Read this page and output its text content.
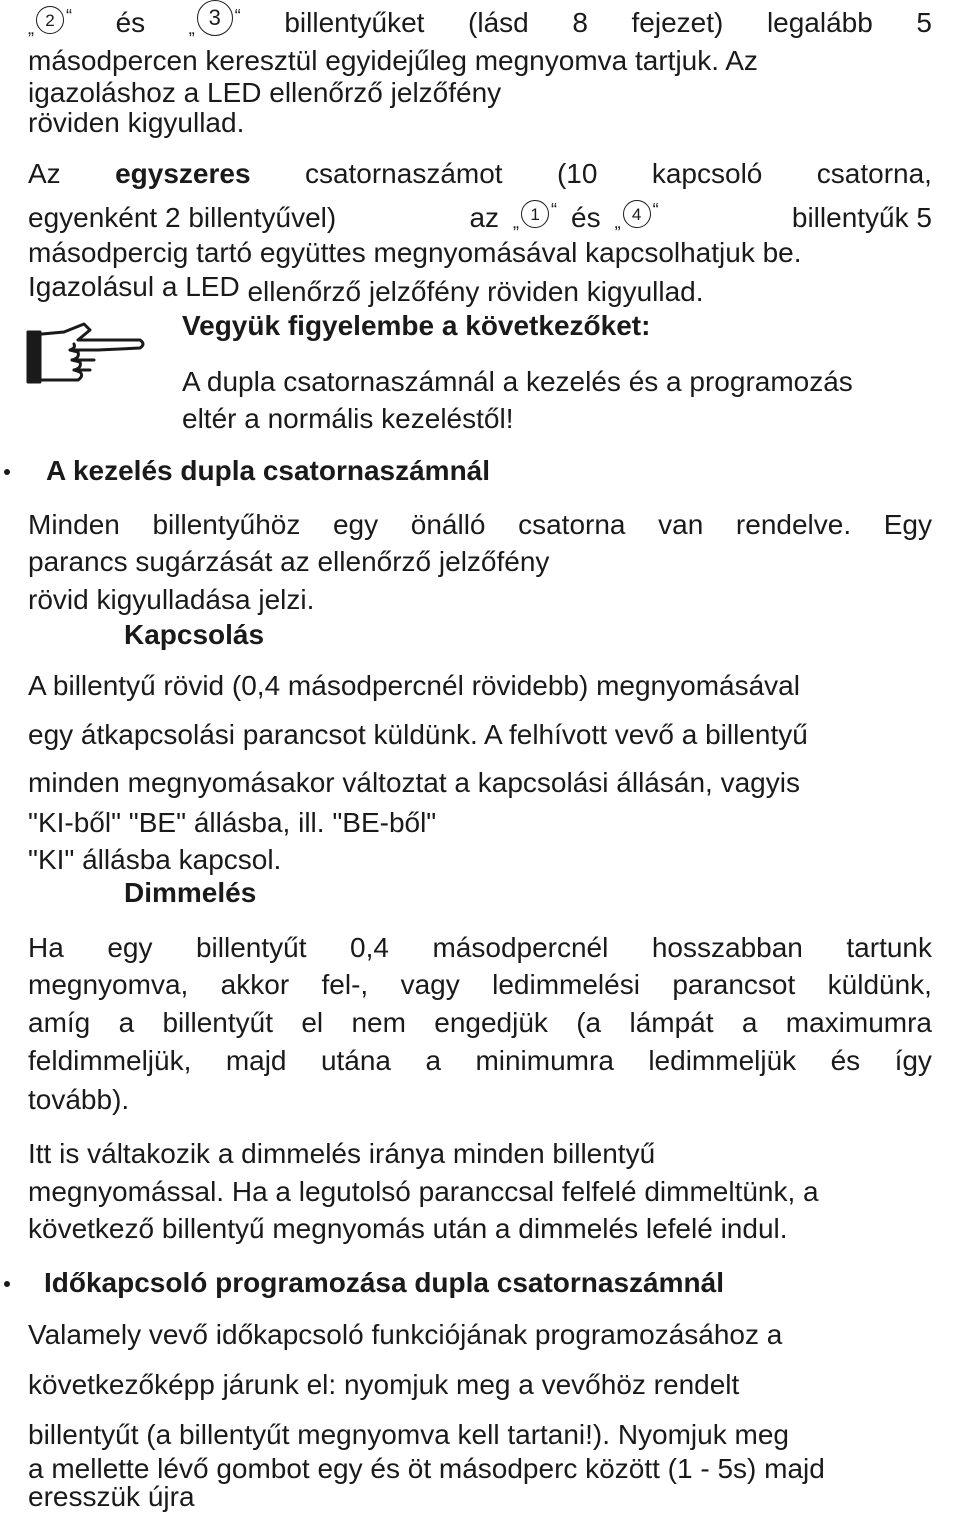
„ 2 “ és „ 3 “ billentyűket (lásd 8 fejezet) legalább 5
másodpercen keresztül egyidejűleg megnyomva tartjuk. Az
igazoláshoz a LED ellenőrző jelzőfény
röviden kigyullad.
Az egyszeres csatornaszámot (10 kapcsoló csatorna,
egyenként 2 billentyűvel)	az „ 1 “ és „ 4 “	billentyűk 5
másodpercig tartó együttes megnyomásával kapcsolhatjuk be.
Igazolásul a LED ellenőrző jelzőfény röviden kigyullad.
Vegyük figyelembe a következőket:
A dupla csatornaszámnál a kezelés és a programozás
eltér a normális kezeléstől!
A kezelés dupla csatornaszámnál
Minden billentyűhöz egy önálló csatorna van rendelve. Egy
parancs sugárzását az ellenőrző jelzőfény
rövid kigyulladása jelzi.
Kapcsolás
A billentyű rövid (0,4 másodpercnél rövidebb) megnyomásával
egy átkapcsolási parancsot küldünk. A felhívott vevő a billentyű
minden megnyomásakor változtat a kapcsolási állásán, vagyis
"KI-ből" "BE" állásba, ill. "BE-ből"
"KI" állásba kapcsol.
Dimmelés
Ha egy billentyűt 0,4 másodpercnél hosszabban tartunk
megnyomva, akkor fel-, vagy ledimmelési parancsot küldünk,
amíg a billentyűt el nem engedjük (a lámpát a maximumra
feldimmeljük, majd utána a minimumra ledimmeljük és így
tovább).
Itt is váltakozik a dimmelés iránya minden billentyű
megnyomással. Ha a legutolsó paranccsal felfelé dimmeltünk, a
következő billentyű megnyomás után a dimmelés lefelé indul.
Időkapcsoló programozása dupla csatornaszámnál
Valamely vevő időkapcsoló funkciójának programozásához a
következőképp járunk el: nyomjuk meg a vevőhöz rendelt
billentyűt (a billentyűt megnyomva kell tartani!). Nyomjuk meg
a mellette lévő gombot egy és öt másodperc között (1 - 5s) majd
eresszük újra
